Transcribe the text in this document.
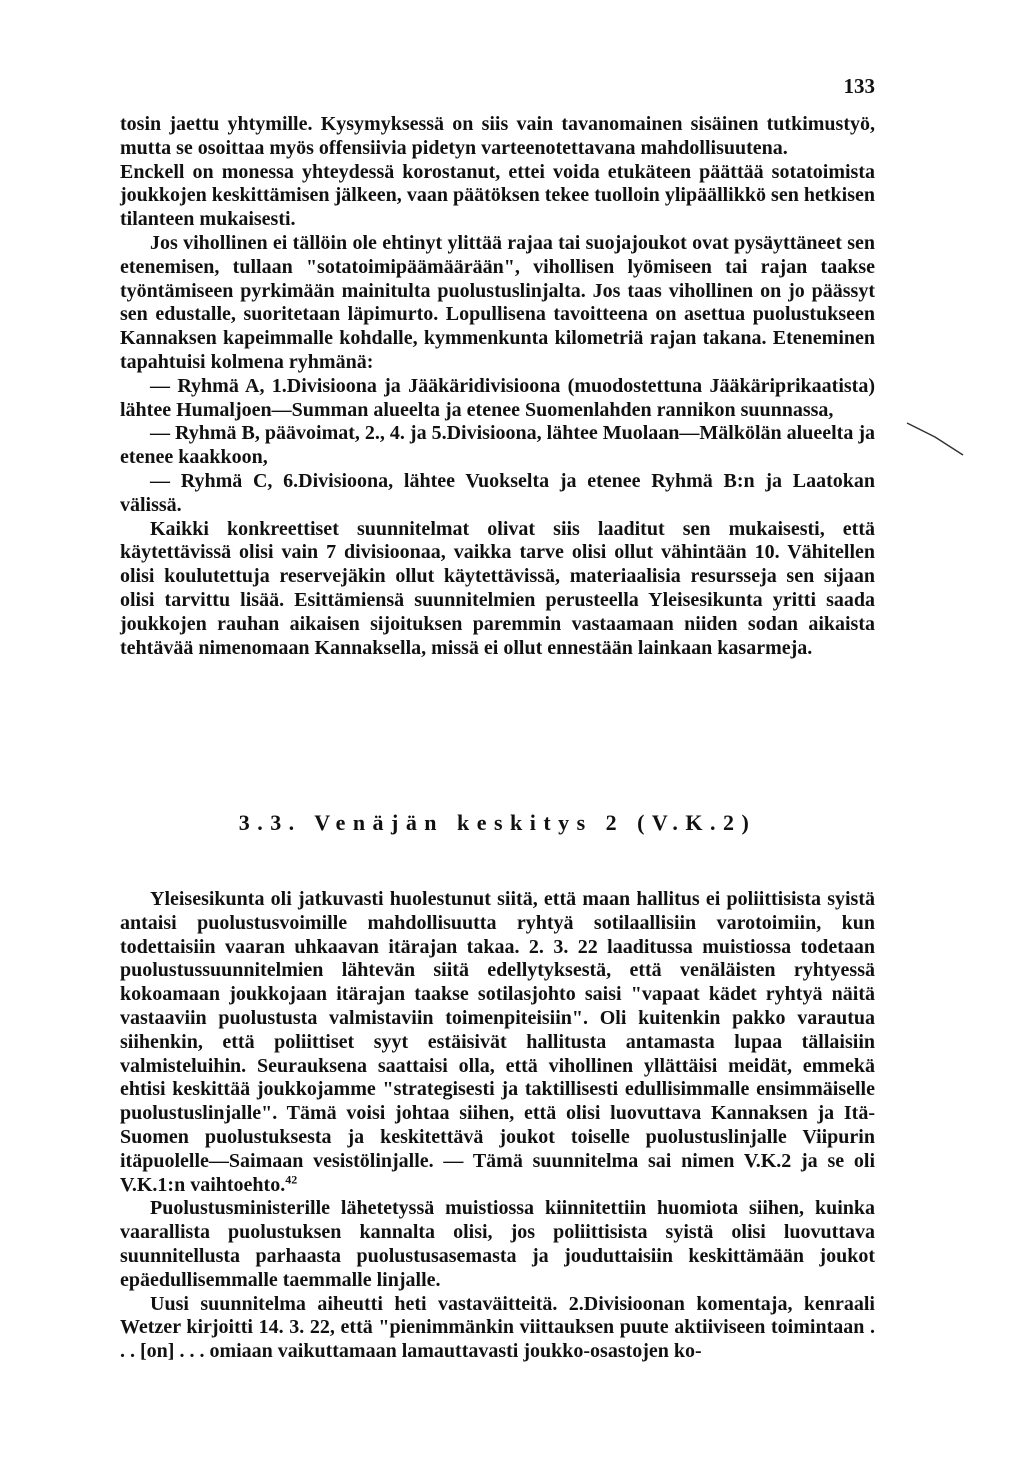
133

tosin jaettu yhtymille. Kysymyksessä on siis vain tavanomainen sisäinen tutkimustyö, mutta se osoittaa myös offensiivia pidetyn varteenotettavana mahdollisuutena.

Enckell on monessa yhteydessä korostanut, ettei voida etukäteen päättää sotatoimista joukkojen keskittämisen jälkeen, vaan päätöksen tekee tuolloin ylipäällikkö sen hetkisen tilanteen mukaisesti.

Jos vihollinen ei tällöin ole ehtinyt ylittää rajaa tai suojajoukot ovat pysäyttäneet sen etenemisen, tullaan "sotatoimipäämäärään", vihollisen lyömiseen tai rajan taakse työntämiseen pyrkimään mainitulta puolustuslinjalta. Jos taas vihollinen on jo päässyt sen edustalle, suoritetaan läpimurto. Lopullisena tavoitteena on asettua puolustukseen Kannaksen kapeimmalle kohdalle, kymmenkunta kilometriä rajan takana. Eteneminen tapahtuisi kolmena ryhmänä:

— Ryhmä A, 1.Divisioona ja Jääkäridivisioona (muodostettuna Jääkäriprikaatista) lähtee Humaljoen—Summan alueelta ja etenee Suomenlahden rannikon suunnassa,

— Ryhmä B, päävoimat, 2., 4. ja 5.Divisioona, lähtee Muolaan—Mälkölän alueelta ja etenee kaakkoon,

— Ryhmä C, 6.Divisioona, lähtee Vuokselta ja etenee Ryhmä B:n ja Laatokan välissä.

Kaikki konkreettiset suunnitelmat olivat siis laaditut sen mukaisesti, että käytettävissä olisi vain 7 divisioonaa, vaikka tarve olisi ollut vähintään 10. Vähitellen olisi koulutettuja reservejäkin ollut käytettävissä, materiaalisia resursseja sen sijaan olisi tarvittu lisää. Esittämiensä suunnitelmien perusteella Yleisesikunta yritti saada joukkojen rauhan aikaisen sijoituksen paremmin vastaamaan niiden sodan aikaista tehtävää nimenomaan Kannaksella, missä ei ollut ennestään lainkaan kasarmeja.

3.3. Venäjän keskitys 2 (V.K.2)

Yleisesikunta oli jatkuvasti huolestunut siitä, että maan hallitus ei poliittisista syistä antaisi puolustusvoimille mahdollisuutta ryhtyä sotilaallisiin varotoimiin, kun todettaisiin vaaran uhkaavan itärajan takaa. 2. 3. 22 laaditussa muistiossa todetaan puolustussuunnitelmien lähtevän siitä edellytyksestä, että venäläisten ryhtyessä kokoamaan joukkojaan itärajan taakse sotilasjohto saisi "vapaat kädet ryhtyä näitä vastaaviin puolustusta valmistaviin toimenpiteisiin". Oli kuitenkin pakko varautua siihenkin, että poliittiset syyt estäisivät hallitusta antamasta lupaa tällaisiin valmisteluihin. Seurauksena saattaisi olla, että vihollinen yllättäisi meidät, emmekä ehtisi keskittää joukkojamme "strategisesti ja taktillisesti edullisimmalle ensimmäiselle puolustuslinjalle". Tämä voisi johtaa siihen, että olisi luovuttava Kannaksen ja Itä-Suomen puolustuksesta ja keskitettävä joukot toiselle puolustuslinjalle Viipurin itäpuolelle—Saimaan vesistölinjalle. — Tämä suunnitelma sai nimen V.K.2 ja se oli V.K.1:n vaihtoehto.$^{42}$

Puolustusministerille lähetetyssä muistiossa kiinnitettiin huomiota siihen, kuinka vaarallista puolustuksen kannalta olisi, jos poliittisista syistä olisi luovuttava suunnitellusta parhaasta puolustusasemasta ja jouduttaisiin keskittämään joukot epäedullisemmalle taemmalle linjalle.

Uusi suunnitelma aiheutti heti vastaväitteitä. 2.Divisioonan komentaja, kenraali Wetzer kirjoitti 14. 3. 22, että "pienimmänkin viittauksen puute aktiiviseen toimintaan . . . [on] . . . omiaan vaikuttamaan lamauttavasti joukko-osastojen ko-
